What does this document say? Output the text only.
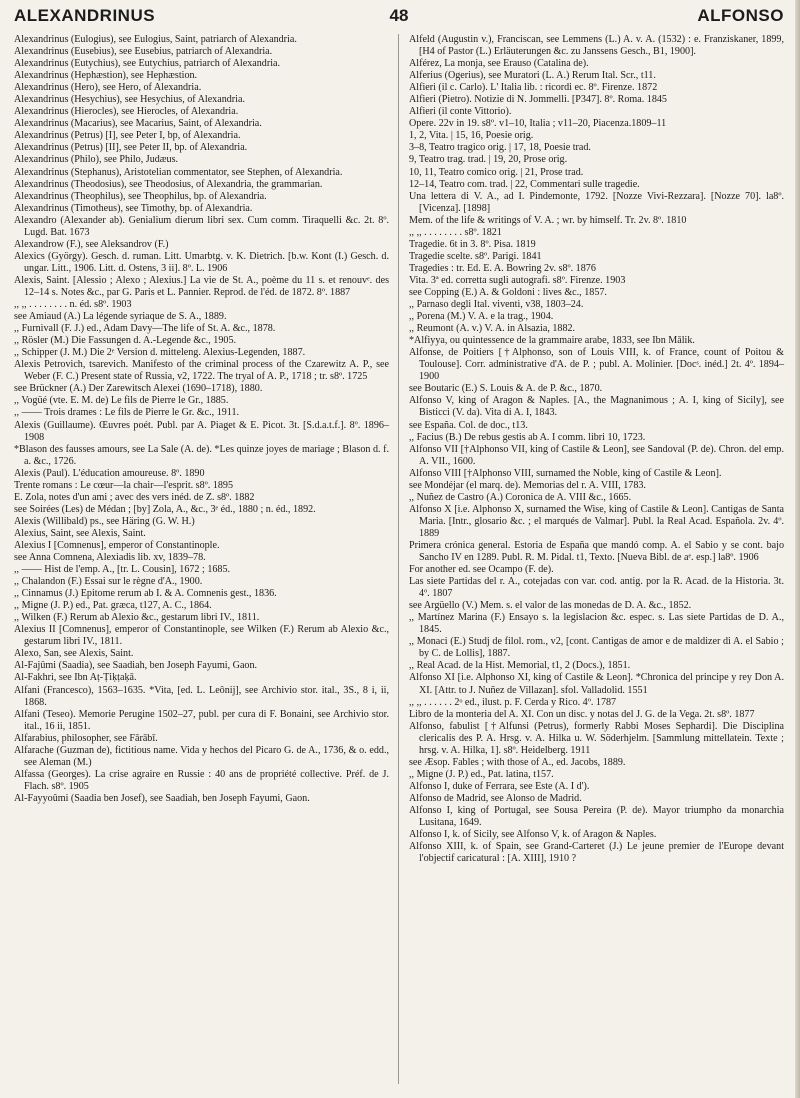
ALEXANDRINUS	48	ALFONSO

Alexandrinus (Eulogius), see Eulogius, Saint, patriarch of Alexandria.

Alexandrinus (Eusebius), see Eusebius, patriarch of Alexandria.

Alexandrinus (Eutychius), see Eutychius, patriarch of Alexandria.

Alexandrinus (Hephæstion), see Hephæstion.

Alexandrinus (Hero), see Hero, of Alexandria.

Alexandrinus (Hesychius), see Hesychius, of Alexandria.

Alexandrinus (Hierocles), see Hierocles, of Alexandria.

Alexandrinus (Macarius), see Macarius, Saint, of Alexandria.

Alexandrinus (Petrus) [I], see Peter I, bp, of Alexandria.

Alexandrinus (Petrus) [II], see Peter II, bp. of Alexandria.

Alexandrinus (Philo), see Philo, Judæus.

Alexandrinus (Stephanus), Aristotelian commentator, see Stephen, of Alexandria.

Alexandrinus (Theodosius), see Theodosius, of Alexandria, the grammarian.

Alexandrinus (Theophilus), see Theophilus, bp. of Alexandria.

Alexandrinus (Timotheus), see Timothy, bp. of Alexandria.

Alexandro (Alexander ab). Genialium dierum libri sex. Cum comm. Tiraquelli &c. 2t. 8º. Lugd. Bat. 1673

Alexandrow (F.), see Aleksandrov (F.)

Alexics (György). Gesch. d. ruman. Litt. Umarbtg. v. K. Dietrich. [b.w. Kont (I.) Gesch. d. ungar. Litt., 1906. Litt. d. Ostens, 3 ii]. 8º. L. 1906

Alexis, Saint. [Alessio ; Alexo ; Alexius.] La vie de St. A., poème du 11 s. et renouvᵉ. des 12–14 s. Notes &c., par G. Paris et L. Pannier. Reprod. de l'éd. de 1872. 8º. 1887

,, ,, . . . . . . . . n. éd. s8º. 1903

see Amiaud (A.) La légende syriaque de S. A., 1889.

,, Furnivall (F. J.) ed., Adam Davy—The life of St. A. &c., 1878.

,, Rösler (M.) Die Fassungen d. A.-Legende &c., 1905.

,, Schipper (J. M.) Die 2ᵉ Version d. mitteleng. Alexius-Legenden, 1887.

Alexis Petrovich, tsarevich. Manifesto of the criminal process of the Czarewitz A. P., see Weber (F. C.) Present state of Russia, v2, 1722. The tryal of A. P., 1718 ; tr. s8º. 1725

see Brückner (A.) Der Zarewitsch Alexei (1690–1718), 1880.

,, Vogüé (vte. E. M. de) Le fils de Pierre le Gr., 1885.

,, —— Trois drames : Le fils de Pierre le Gr. &c., 1911.

Alexis (Guillaume). Œuvres poét. Publ. par A. Piaget & E. Picot. 3t. [S.d.a.t.f.]. 8º. 1896–1908

*Blason des fausses amours, see La Sale (A. de). *Les quinze joyes de mariage ; Blason d. f. a. &c., 1726.

Alexis (Paul). L'éducation amoureuse. 8º. 1890

Trente romans : Le cœur—la chair—l'esprit. s8º. 1895

E. Zola, notes d'un ami ; avec des vers inéd. de Z. s8º. 1882

see Soirées (Les) de Médan ; [by] Zola, A., &c., 3ᵉ éd., 1880 ; n. éd., 1892.

Alexis (Willibald) ps., see Häring (G. W. H.)

Alexius, Saint, see Alexis, Saint.

Alexius I [Comnenus], emperor of Constantinople.

see Anna Comnena, Alexiadis lib. xv, 1839–78.

,, —— Hist de l'emp. A., [tr. L. Cousin], 1672 ; 1685.

,, Chalandon (F.) Essai sur le règne d'A., 1900.

,, Cinnamus (J.) Epitome rerum ab I. & A. Comnenis gest., 1836.

,, Migne (J. P.) ed., Pat. græca, t127, A. C., 1864.

,, Wilken (F.) Rerum ab Alexio &c., gestarum libri IV., 1811.

Alexius II [Comnenus], emperor of Constantinople, see Wilken (F.) Rerum ab Alexio &c., gestarum libri IV., 1811.

Alexo, San, see Alexis, Saint.

Al-Fajûmi (Saadia), see Saadiah, ben Joseph Fayumi, Gaon.

Al-Fakhri, see Ibn Aṭ-Ṭiḳṭaḳā.

Alfani (Francesco), 1563–1635. *Vita, [ed. L. Leônij], see Archivio stor. ital., 3S., 8 i, ii, 1868.

Alfani (Teseo). Memorie Perugine 1502–27, publ. per cura di F. Bonaini, see Archivio stor. ital., 16 ii, 1851.

Alfarabius, philosopher, see Fārābī.

Alfarache (Guzman de), fictitious name. Vida y hechos del Picaro G. de A., 1736, & o. edd., see Aleman (M.)

Alfassa (Georges). La crise agraire en Russie : 40 ans de propriété collective. Préf. de J. Flach. s8º. 1905

Al-Fayyoûmi (Saadia ben Josef), see Saadiah, ben Joseph Fayumi, Gaon.

Alfeld (Augustin v.), Franciscan, see Lemmens (L.) A. v. A. (1532) : e. Franziskaner, 1899, [H4 of Pastor (L.) Erläuterungen &c. zu Janssens Gesch., B1, 1900].

Alférez, La monja, see Erauso (Catalina de).

Alferius (Ogerius), see Muratori (L. A.) Rerum Ital. Scr., t11.

Alfieri (il c. Carlo). L' Italia lib. : ricordi ec. 8º. Firenze. 1872

Alfieri (Pietro). Notizie di N. Jommelli. [P347]. 8º. Roma. 1845

Alfieri (il conte Vittorio).

Opere. 22v in 19. s8º. v1–10, Italia ; v11–20, Piacenza.1809–11

1, 2, Vita. | 15, 16, Poesie orig.

3–8, Teatro tragico orig. | 17, 18, Poesie trad.

9, Teatro trag. trad. | 19, 20, Prose orig.

10, 11, Teatro comico orig. | 21, Prose trad.

12–14, Teatro com. trad. | 22, Commentari sulle tragedie.

Una lettera di V. A., ad I. Pindemonte, 1792. [Nozze Vivi-Rezzara]. [Nozze 70]. la8º. [Vicenza]. [1898]

Mem. of the life & writings of V. A. ; wr. by himself. Tr. 2v. 8º. 1810

,, ,, . . . . . . . . s8º. 1821

Tragedie. 6t in 3. 8º. Pisa. 1819

Tragedie scelte. s8º. Parigi. 1841

Tragedies : tr. Ed. E. A. Bowring 2v. s8º. 1876

Vita. 3ª ed. corretta sugli autografi. s8º. Firenze. 1903

see Copping (E.) A. & Goldoni : lives &c., 1857.

,, Parnaso degli Ital. viventi, v38, 1803–24.

,, Porena (M.) V. A. e la trag., 1904.

,, Reumont (A. v.) V. A. in Alsazia, 1882.

*Alfiyya, ou quintessence de la grammaire arabe, 1833, see Ibn Mālik.

Alfonse, de Poitiers [†Alphonso, son of Louis VIII, k. of France, count of Poitou & Toulouse]. Corr. administrative d'A. de P. ; publ. A. Molinier. [Docˢ. inéd.] 2t. 4º. 1894–1900

see Boutaric (E.) S. Louis & A. de P. &c., 1870.

Alfonso V, king of Aragon & Naples. [A., the Magnanimous ; A. I, king of Sicily], see Bisticci (V. da). Vita di A. I, 1843.

see España. Col. de doc., t13.

,, Facius (B.) De rebus gestis ab A. I comm. libri 10, 1723.

Alfonso VII [†Alphonso VII, king of Castile & Leon], see Sandoval (P. de). Chron. del emp. A. VII., 1600.

Alfonso VIII [†Alphonso VIII, surnamed the Noble, king of Castile & Leon].

see Mondéjar (el marq. de). Memorias del r. A. VIII, 1783.

,, Nuñez de Castro (A.) Coronica de A. VIII &c., 1665.

Alfonso X [i.e. Alphonso X, surnamed the Wise, king of Castile & Leon]. Cantigas de Santa Maria. [Intr., glosario &c. ; el marqués de Valmar]. Publ. la Real Acad. Española. 2v. 4º. 1889

Primera crónica general. Estoria de España que mandó comp. A. el Sabio y se cont. bajo Sancho IV en 1289. Publ. R. M. Pidal. t1, Texto. [Nueva Bibl. de aᵉ. esp.] la8º. 1906

For another ed. see Ocampo (F. de).

Las siete Partidas del r. A., cotejadas con var. cod. antig. por la R. Acad. de la Historia. 3t. 4º. 1807

see Argüello (V.) Mem. s. el valor de las monedas de D. A. &c., 1852.

,, Martínez Marina (F.) Ensayo s. la legislacion &c. espec. s. Las siete Partidas de D. A., 1845.

,, Monaci (E.) Studj de filol. rom., v2, [cont. Cantigas de amor e de maldizer di A. el Sabio ; by C. de Lollis], 1887.

,, Real Acad. de la Hist. Memorial, t1, 2 (Docs.), 1851.

Alfonso XI [i.e. Alphonso XI, king of Castile & Leon]. *Chronica del principe y rey Don A. XI. [Attr. to J. Nuñez de Villazan]. sfol. Valladolid. 1551

,, ,, . . . . . . 2ᵒ ed., ilust. p. F. Cerda y Rico. 4º. 1787

Libro de la monteria del A. XI. Con un disc. y notas del J. G. de la Vega. 2t. s8º. 1877

Alfonso, fabulist [†Alfunsi (Petrus), formerly Rabbi Moses Sephardi]. Die Disciplina clericalis des P. A. Hrsg. v. A. Hilka u. W. Söderhjelm. [Sammlung mittellatein. Texte ; hrsg. v. A. Hilka, 1]. s8º. Heidelberg. 1911

see Æsop. Fables ; with those of A., ed. Jacobs, 1889.

,, Migne (J. P.) ed., Pat. latina, t157.

Alfonso I, duke of Ferrara, see Este (A. I d').

Alfonso de Madrid, see Alonso de Madrid.

Alfonso I, king of Portugal, see Sousa Pereira (P. de). Mayor triumpho da monarchia Lusitana, 1649.

Alfonso I, k. of Sicily, see Alfonso V, k. of Aragon & Naples.

Alfonso XIII, k. of Spain, see Grand-Carteret (J.) Le jeune premier de l'Europe devant l'objectif caricatural : [A. XIII], 1910 ?
